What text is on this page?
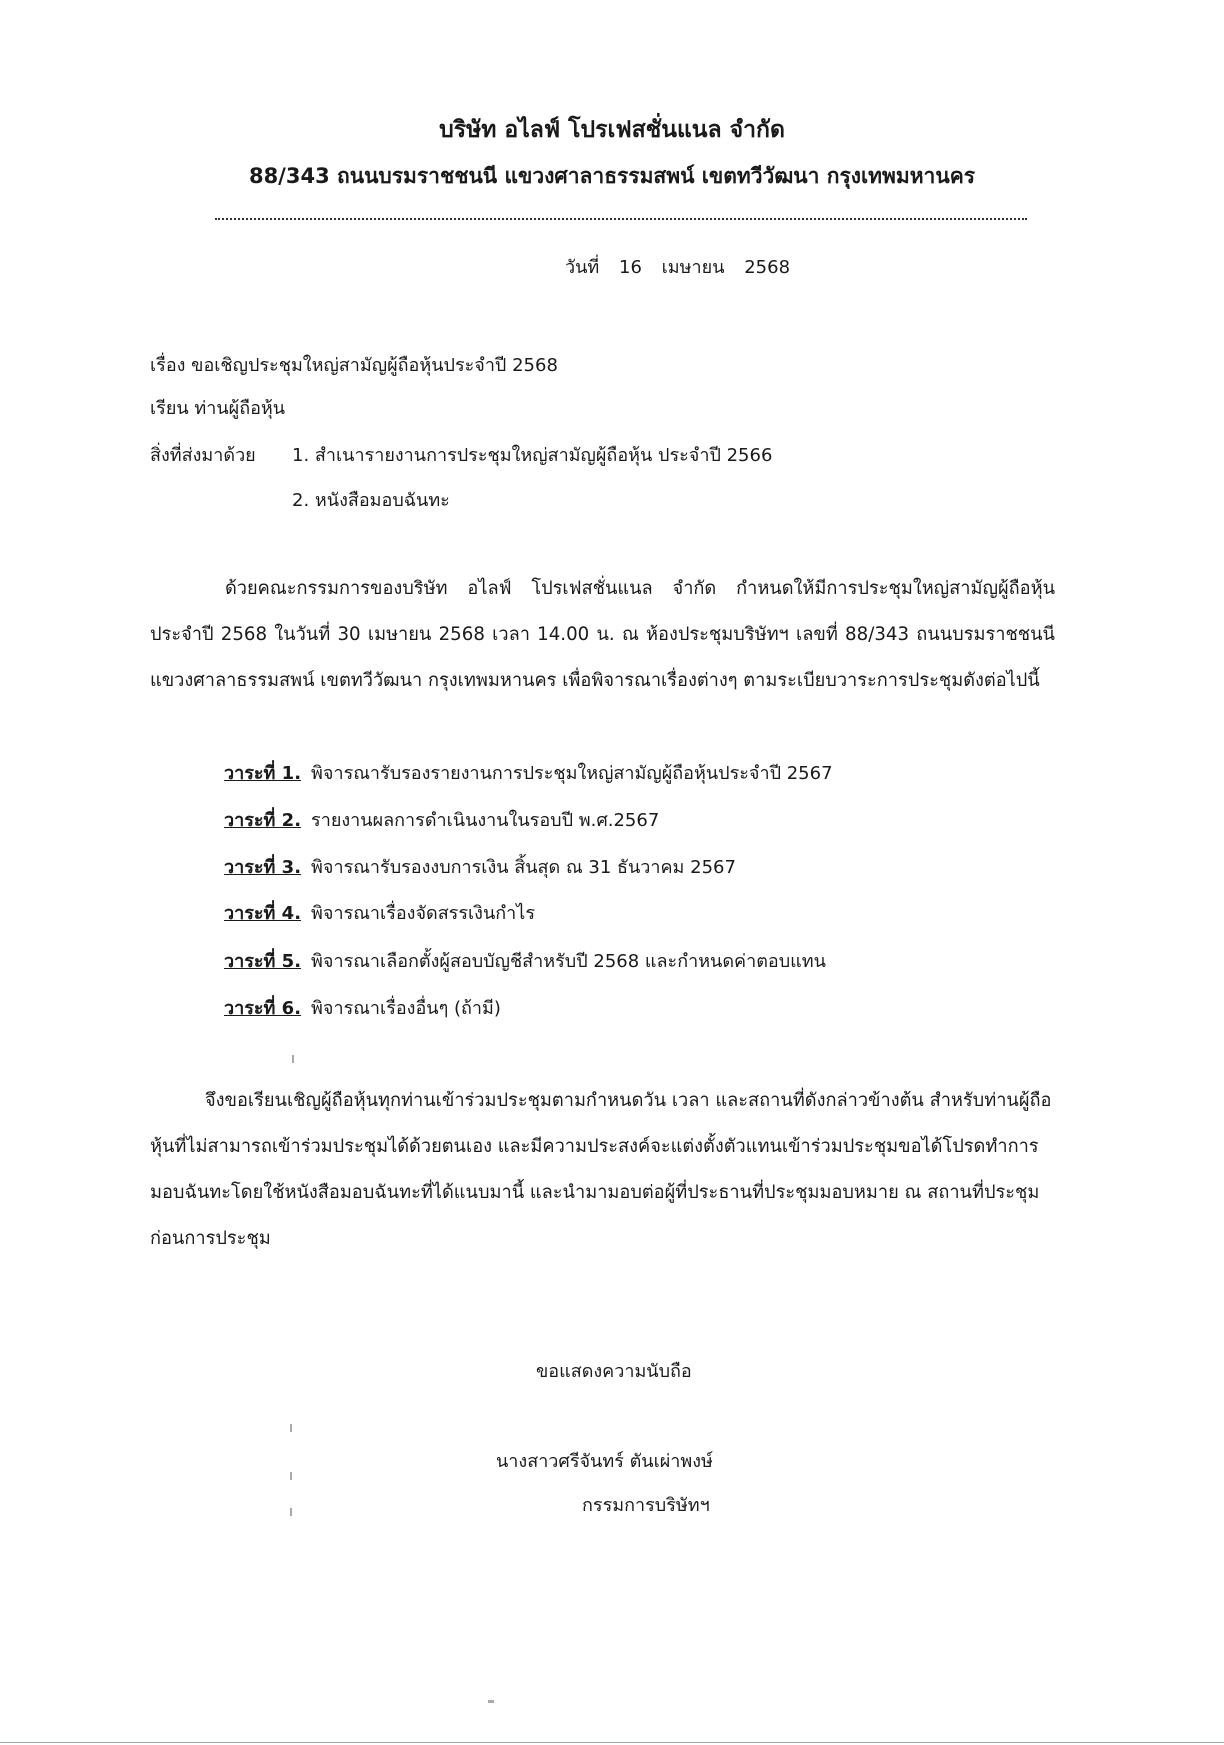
บริษัท อไลฟ์ โปรเฟสชั่นแนล จำกัด
88/343 ถนนบรมราชชนนี แขวงศาลาธรรมสพน์ เขตทวีวัฒนา กรุงเทพมหานคร
วันที่ 16 เมษายน 2568
เรื่อง ขอเชิญประชุมใหญ่สามัญผู้ถือหุ้นประจำปี 2568
เรียน ท่านผู้ถือหุ้น
สิ่งที่ส่งมาด้วย 1. สำเนารายงานการประชุมใหญ่สามัญผู้ถือหุ้น ประจำปี 2566
2. หนังสือมอบฉันทะ
ด้วยคณะกรรมการของบริษัท อไลฟ์ โปรเฟสชั่นแนล จำกัด กำหนดให้มีการประชุมใหญ่สามัญผู้ถือหุ้น ประจำปี 2568 ในวันที่ 30 เมษายน 2568 เวลา 14.00 น. ณ ห้องประชุมบริษัทฯ เลขที่ 88/343 ถนนบรมราชชนนี แขวงศาลาธรรมสพน์ เขตทวีวัฒนา กรุงเทพมหานคร เพื่อพิจารณาเรื่องต่างๆ ตามระเบียบวาระการประชุมดังต่อไปนี้
วาระที่ 1. พิจารณารับรองรายงานการประชุมใหญ่สามัญผู้ถือหุ้นประจำปี 2567
วาระที่ 2. รายงานผลการดำเนินงานในรอบปี พ.ศ.2567
วาระที่ 3. พิจารณารับรองงบการเงิน สิ้นสุด ณ 31 ธันวาคม 2567
วาระที่ 4. พิจารณาเรื่องจัดสรรเงินกำไร
วาระที่ 5. พิจารณาเลือกตั้งผู้สอบบัญชีสำหรับปี 2568 และกำหนดค่าตอบแทน
วาระที่ 6. พิจารณาเรื่องอื่นๆ (ถ้ามี)
จึงขอเรียนเชิญผู้ถือหุ้นทุกท่านเข้าร่วมประชุมตามกำหนดวัน เวลา และสถานที่ดังกล่าวข้างต้น สำหรับท่านผู้ถือหุ้นที่ไม่สามารถเข้าร่วมประชุมได้ด้วยตนเอง และมีความประสงค์จะแต่งตั้งตัวแทนเข้าร่วมประชุมขอได้โปรดทำการมอบฉันทะโดยใช้หนังสือมอบฉันทะที่ได้แนบมานี้ และนำมามอบต่อผู้ที่ประธานที่ประชุมมอบหมาย ณ สถานที่ประชุมก่อนการประชุม
ขอแสดงความนับถือ
นางสาวศรีจันทร์ ตันเผ่าพงษ์
กรรมการบริษัทฯ
